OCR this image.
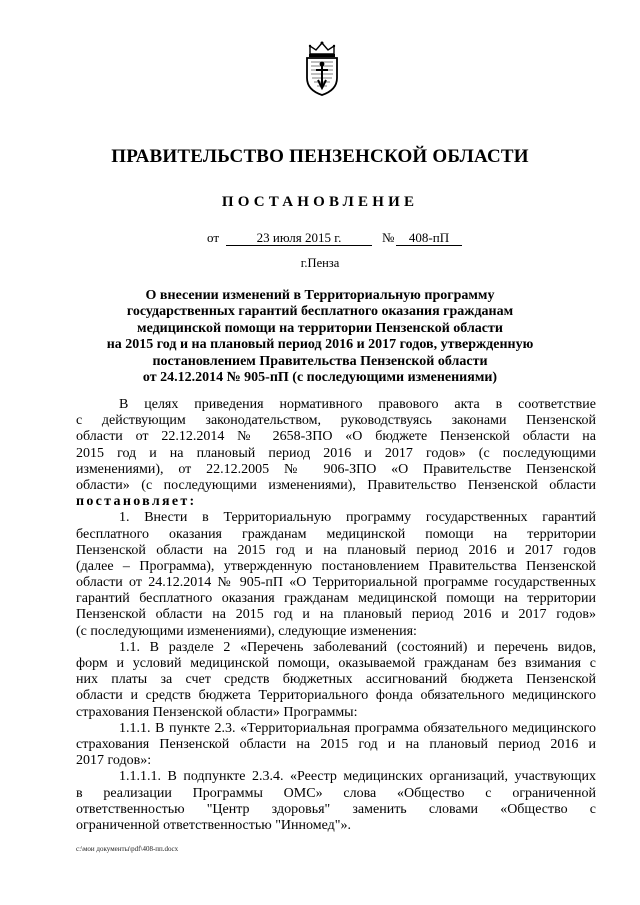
ПРАВИТЕЛЬСТВО ПЕНЗЕНСКОЙ ОБЛАСТИ
ПОСТАНОВЛЕНИЕ
от	23 июля 2015 г.	№	408-пП
г.Пенза
О внесении изменений в Территориальную программу
государственных гарантий бесплатного оказания гражданам
медицинской помощи на территории Пензенской области
на 2015 год и на плановый период 2016 и 2017 годов, утвержденную
постановлением Правительства Пензенской области
от 24.12.2014 № 905-пП (с последующими изменениями)
В целях приведения нормативного правового акта в соответствие
с действующим законодательством, руководствуясь законами Пензенской
области от 22.12.2014 № 2658-ЗПО «О бюджете Пензенской области на
2015 год и на плановый период 2016 и 2017 годов» (с последующими
изменениями), от 22.12.2005 № 906-ЗПО «О Правительстве Пензенской
области» (с последующими изменениями), Правительство Пензенской области
постановляет:
1. Внести в Территориальную программу государственных гарантий
бесплатного оказания гражданам медицинской помощи на территории
Пензенской области на 2015 год и на плановый период 2016 и 2017 годов
(далее – Программа), утвержденную постановлением Правительства Пензенской
области от 24.12.2014 № 905-пП «О Территориальной программе государственных
гарантий бесплатного оказания гражданам медицинской помощи на территории
Пензенской области на 2015 год и на плановый период 2016 и 2017 годов»
(с последующими изменениями), следующие изменения:
1.1. В разделе 2 «Перечень заболеваний (состояний) и перечень видов,
форм и условий медицинской помощи, оказываемой гражданам без взимания с
них платы за счет средств бюджетных ассигнований бюджета Пензенской
области и средств бюджета Территориального фонда обязательного медицинского
страхования Пензенской области» Программы:
1.1.1. В пункте 2.3. «Территориальная программа обязательного медицинского
страхования Пензенской области на 2015 год и на плановый период 2016 и
2017 годов»:
1.1.1.1. В подпункте 2.3.4. «Реестр медицинских организаций, участвующих
в реализации Программы ОМС» слова «Общество с ограниченной
ответственностью "Центр здоровья" заменить словами «Общество с
ограниченной ответственностью "Инномед"».
c:\мои документы\pdf\408-пп.docx
